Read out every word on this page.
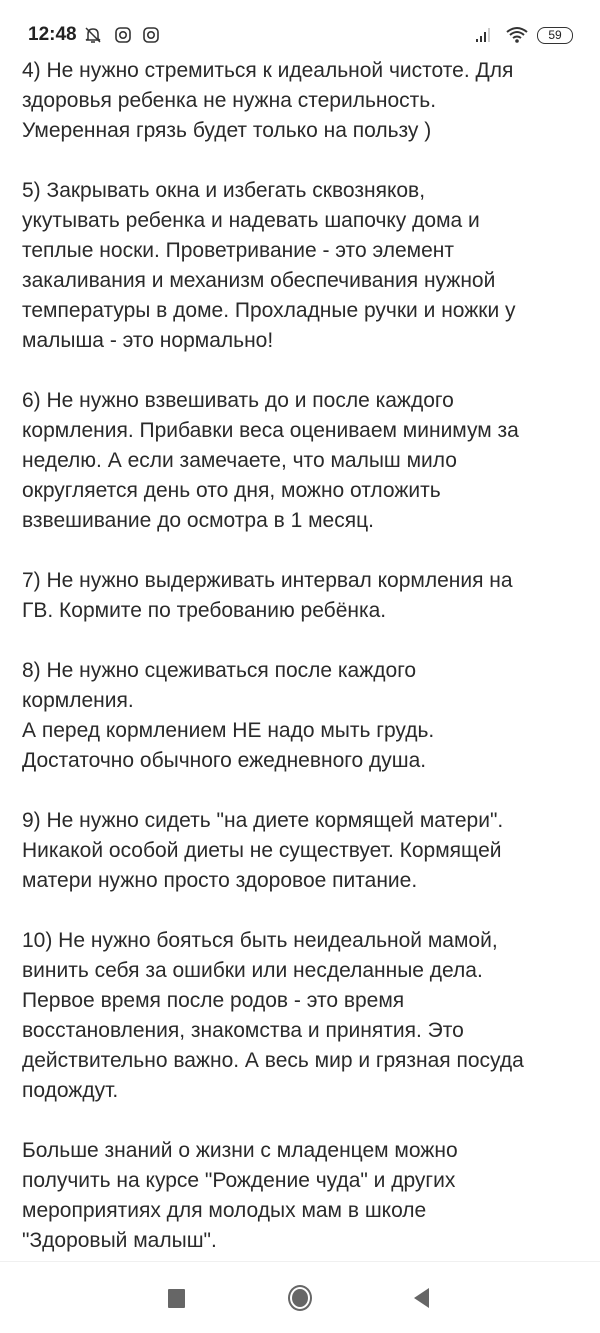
12:48	59
4) Не нужно стремиться к идеальной чистоте. Для
здоровья ребенка не нужна стерильность.
Умеренная грязь будет только на пользу )
5) Закрывать окна и избегать сквозняков,
укутывать ребенка и надевать шапочку дома и
теплые носки. Проветривание - это элемент
закаливания и механизм обеспечивания нужной
температуры в доме. Прохладные ручки и ножки у
малыша - это нормально!
6) Не нужно взвешивать до и после каждого
кормления. Прибавки веса оцениваем минимум за
неделю. А если замечаете, что малыш мило
округляется день ото дня, можно отложить
взвешивание до осмотра в 1 месяц.
7) Не нужно выдерживать интервал кормления на
ГВ. Кормите по требованию ребёнка.
8) Не нужно сцеживаться после каждого
кормления.
А перед кормлением НЕ надо мыть грудь.
Достаточно обычного ежедневного душа.
9) Не нужно сидеть "на диете кормящей матери".
Никакой особой диеты не существует. Кормящей
матери нужно просто здоровое питание.
10) Не нужно бояться быть неидеальной мамой,
винить себя за ошибки или несделанные дела.
Первое время после родов - это время
восстановления, знакомства и принятия. Это
действительно важно. А весь мир и грязная посуда
подождут.
Больше знаний о жизни с младенцем можно
получить на курсе "Рождение чуда" и других
мероприятиях для молодых мам в школе
"Здоровый малыш".
